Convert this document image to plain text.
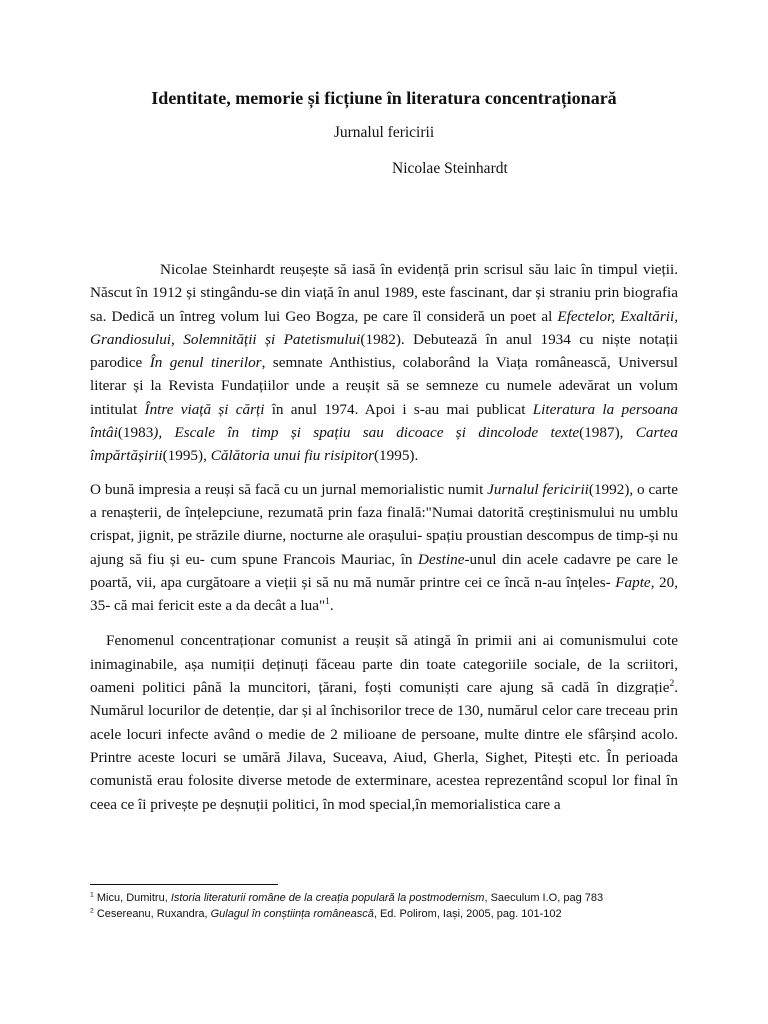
Identitate, memorie și ficțiune în literatura concentraționară
Jurnalul fericirii
Nicolae Steinhardt

Nicolae Steinhardt reușește să iasă în evidență prin scrisul său laic în timpul vieții. Născut în 1912 și stingându-se din viață în anul 1989, este fascinant, dar și straniu prin biografia sa. Dedică un întreg volum lui Geo Bogza, pe care îl consideră un poet al Efectelor, Exaltării, Grandiosului, Solemnității și Patetismului(1982). Debutează în anul 1934 cu niște notații parodice În genul tinerilor, semnate Anthistius, colaborând la Viața românească, Universul literar și la Revista Fundațiilor unde a reușit să se semneze cu numele adevărat un volum intitulat Între viață și cărți în anul 1974. Apoi i s-au mai publicat Literatura la persoana întâi(1983), Escale în timp și spațiu sau dicoace și dincolode texte(1987), Cartea împărtășirii(1995), Călătoria unui fiu risipitor(1995).

O bună impresia a reuși să facă cu un jurnal memorialistic numit Jurnalul fericirii(1992), o carte a renașterii, de înțelepciune, rezumată prin faza finală:"Numai datorită creștinismului nu umblu crispat, jignit, pe străzile diurne, nocturne ale orașului- spațiu proustian descompus de timp-și nu ajung să fiu și eu- cum spune Francois Mauriac, în Destine-unul din acele cadavre pe care le poartă, vii, apa curgătoare a vieții și să nu mă număr printre cei ce încă n-au înțeles- Fapte, 20, 35- că mai fericit este a da decât a lua"$^1$.

Fenomenul concentraționar comunist a reușit să atingă în primii ani ai comunismului cote inimaginabile, așa numiții deținuți făceau parte din toate categoriile sociale, de la scriitori, oameni politici până la muncitori, țărani, foști comuniști care ajung să cadă în dizgrație$^2$. Numărul locurilor de detenție, dar și al închisorilor trece de 130, numărul celor care treceau prin acele locuri infecte având o medie de 2 milioane de persoane, multe dintre ele sfârșind acolo. Printre aceste locuri se umără Jilava, Suceava, Aiud, Gherla, Sighet, Pitești etc. În perioada comunistă erau folosite diverse metode de exterminare, acestea reprezentând scopul lor final în ceea ce îi privește pe deșnuții politici, în mod special,în memorialistica care a

$^1$ Micu, Dumitru, Istoria literaturii române de la creația populară la postmodernism, Saeculum I.O, pag 783
$^2$ Cesereanu, Ruxandra, Gulagul în conștiința românească, Ed. Polirom, Iași, 2005, pag. 101-102
